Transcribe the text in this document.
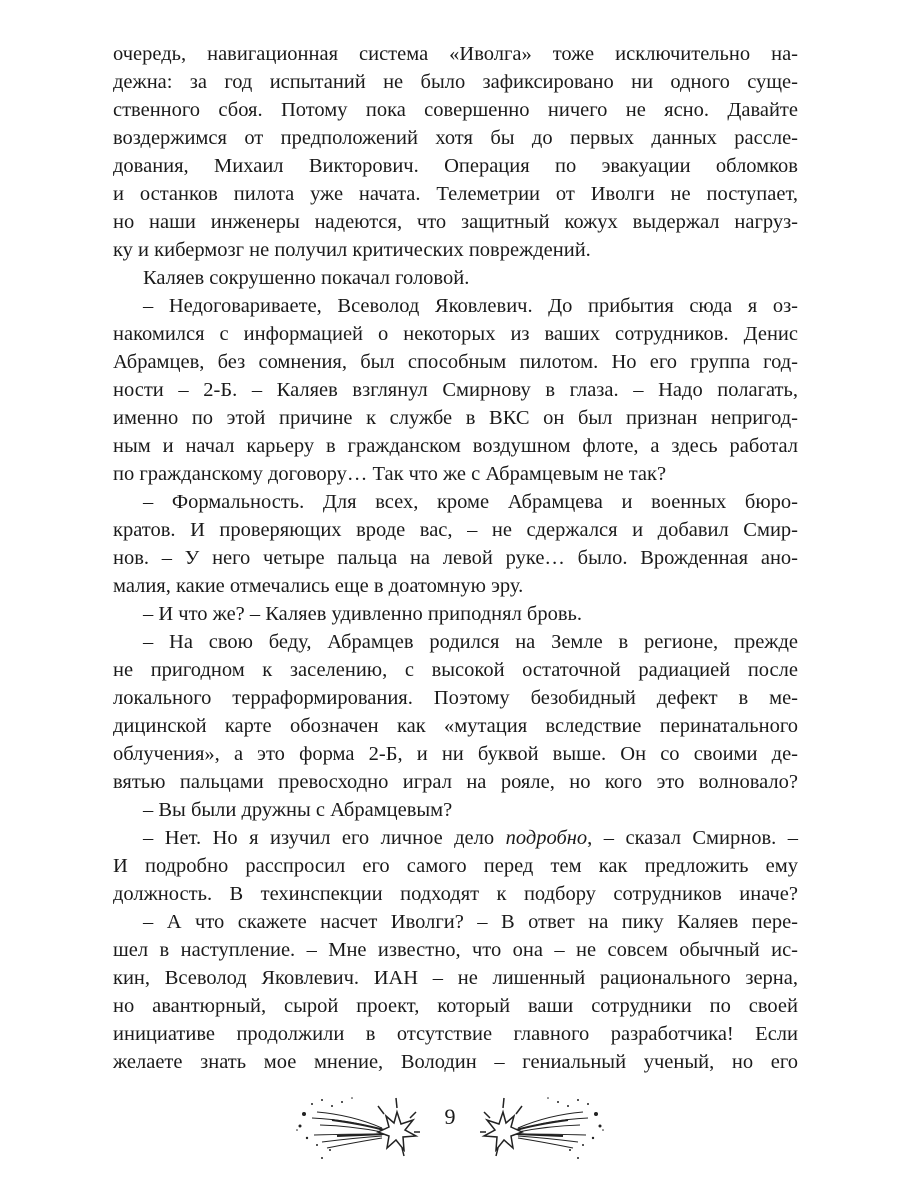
очередь, навигационная система «Иволга» тоже исключительно на-
дежна: за год испытаний не было зафиксировано ни одного суще-
ственного сбоя. Потому пока совершенно ничего не ясно. Давайте
воздержимся от предположений хотя бы до первых данных рассле-
дования, Михаил Викторович. Операция по эвакуации обломков
и останков пилота уже начата. Телеметрии от Иволги не поступает,
но наши инженеры надеются, что защитный кожух выдержал нагруз-
ку и кибермозг не получил критических повреждений.
Каляев сокрушенно покачал головой.
– Недоговариваете, Всеволод Яковлевич. До прибытия сюда я оз-
накомился с информацией о некоторых из ваших сотрудников. Денис
Абрамцев, без сомнения, был способным пилотом. Но его группа год-
ности – 2-Б. – Каляев взглянул Смирнову в глаза. – Надо полагать,
именно по этой причине к службе в ВКС он был признан непригод-
ным и начал карьеру в гражданском воздушном флоте, а здесь работал
по гражданскому договору… Так что же с Абрамцевым не так?
– Формальность. Для всех, кроме Абрамцева и военных бюро-
кратов. И проверяющих вроде вас, – не сдержался и добавил Смир-
нов. – У него четыре пальца на левой руке… было. Врожденная ано-
малия, какие отмечались еще в доатомную эру.
– И что же? – Каляев удивленно приподнял бровь.
– На свою беду, Абрамцев родился на Земле в регионе, прежде
не пригодном к заселению, с высокой остаточной радиацией после
локального терраформирования. Поэтому безобидный дефект в ме-
дицинской карте обозначен как «мутация вследствие перинатального
облучения», а это форма 2-Б, и ни буквой выше. Он со своими де-
вятью пальцами превосходно играл на рояле, но кого это волновало?
– Вы были дружны с Абрамцевым?
– Нет. Но я изучил его личное дело подробно, – сказал Смирнов. –
И подробно расспросил его самого перед тем как предложить ему
должность. В техинспекции подходят к подбору сотрудников иначе?
– А что скажете насчет Иволги? – В ответ на пику Каляев пере-
шел в наступление. – Мне известно, что она – не совсем обычный ис-
кин, Всеволод Яковлевич. ИАН – не лишенный рационального зерна,
но авантюрный, сырой проект, который ваши сотрудники по своей
инициативе продолжили в отсутствие главного разработчика! Если
желаете знать мое мнение, Володин – гениальный ученый, но его
9
